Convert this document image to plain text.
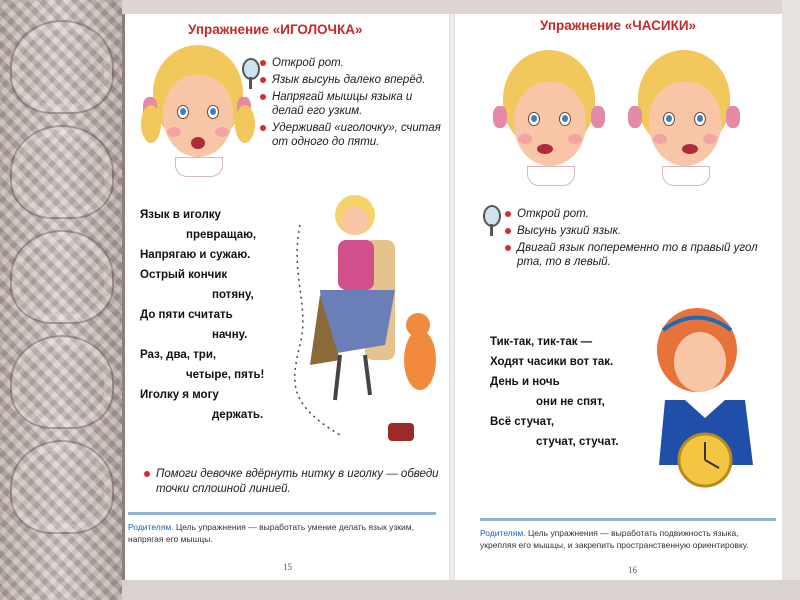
Упражнение «ИГОЛОЧКА»
Открой рот.
Язык высунь далеко вперёд.
Напрягай мышцы языка и делай его узким.
Удерживай «иголочку», считая от одного до пяти.
Язык в иголку
превращаю,
Напрягаю и сужаю.
Острый кончик
потяну,
До пяти считать
начну.
Раз, два, три,
четыре, пять!
Иголку я могу
держать.
Помоги девочке вдёрнуть нитку в иголку — обведи точки сплошной линией.
Родителям. Цель упражнения — выработать умение делать язык узким, напрягая его мышцы.
15
Упражнение «ЧАСИКИ»
Открой рот.
Высунь узкий язык.
Двигай язык попеременно то в правый угол рта, то в левый.
Тик-так, тик-так —
Ходят часики вот так.
День и ночь
они не спят,
Всё стучат,
стучат, стучат.
Родителям. Цель упражнения — выработать подвижность языка, укрепляя его мышцы, и закрепить пространственную ориентировку.
16
